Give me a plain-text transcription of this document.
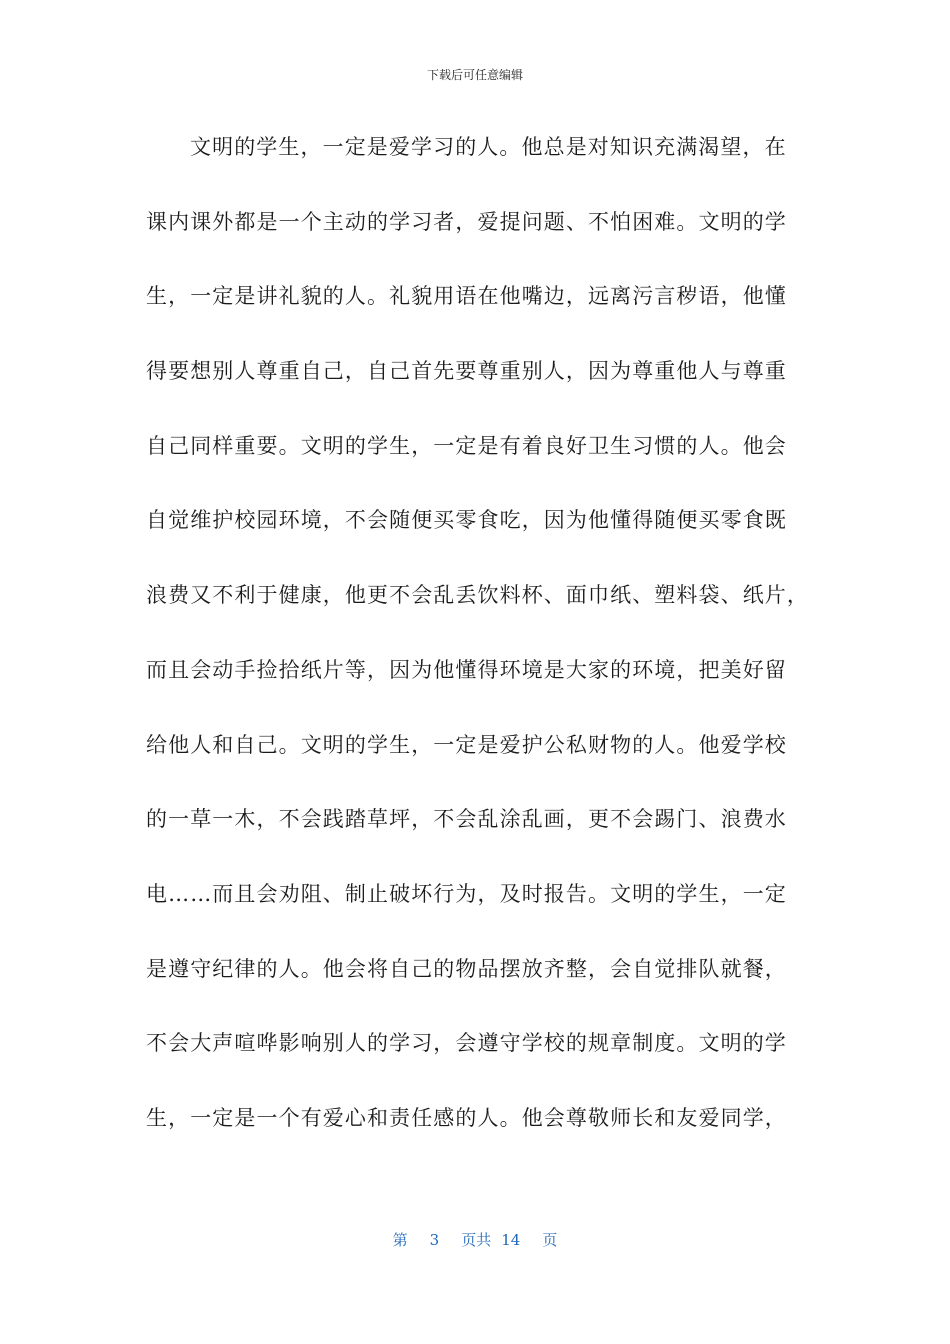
下载后可任意编辑
文明的学生，一定是爱学习的人。他总是对知识充满渴望，在
课内课外都是一个主动的学习者，爱提问题、不怕困难。文明的学
生，一定是讲礼貌的人。礼貌用语在他嘴边，远离污言秽语，他懂
得要想别人尊重自己，自己首先要尊重别人，因为尊重他人与尊重
自己同样重要。文明的学生，一定是有着良好卫生习惯的人。他会
自觉维护校园环境，不会随便买零食吃，因为他懂得随便买零食既
浪费又不利于健康，他更不会乱丢饮料杯、面巾纸、塑料袋、纸片，
而且会动手捡拾纸片等，因为他懂得环境是大家的环境，把美好留
给他人和自己。文明的学生，一定是爱护公私财物的人。他爱学校
的一草一木，不会践踏草坪，不会乱涂乱画，更不会踢门、浪费水
电……而且会劝阻、制止破坏行为，及时报告。文明的学生，一定
是遵守纪律的人。他会将自己的物品摆放齐整，会自觉排队就餐，
不会大声喧哗影响别人的学习，会遵守学校的规章制度。文明的学
生，一定是一个有爱心和责任感的人。他会尊敬师长和友爱同学，
第 3 页共 14 页
